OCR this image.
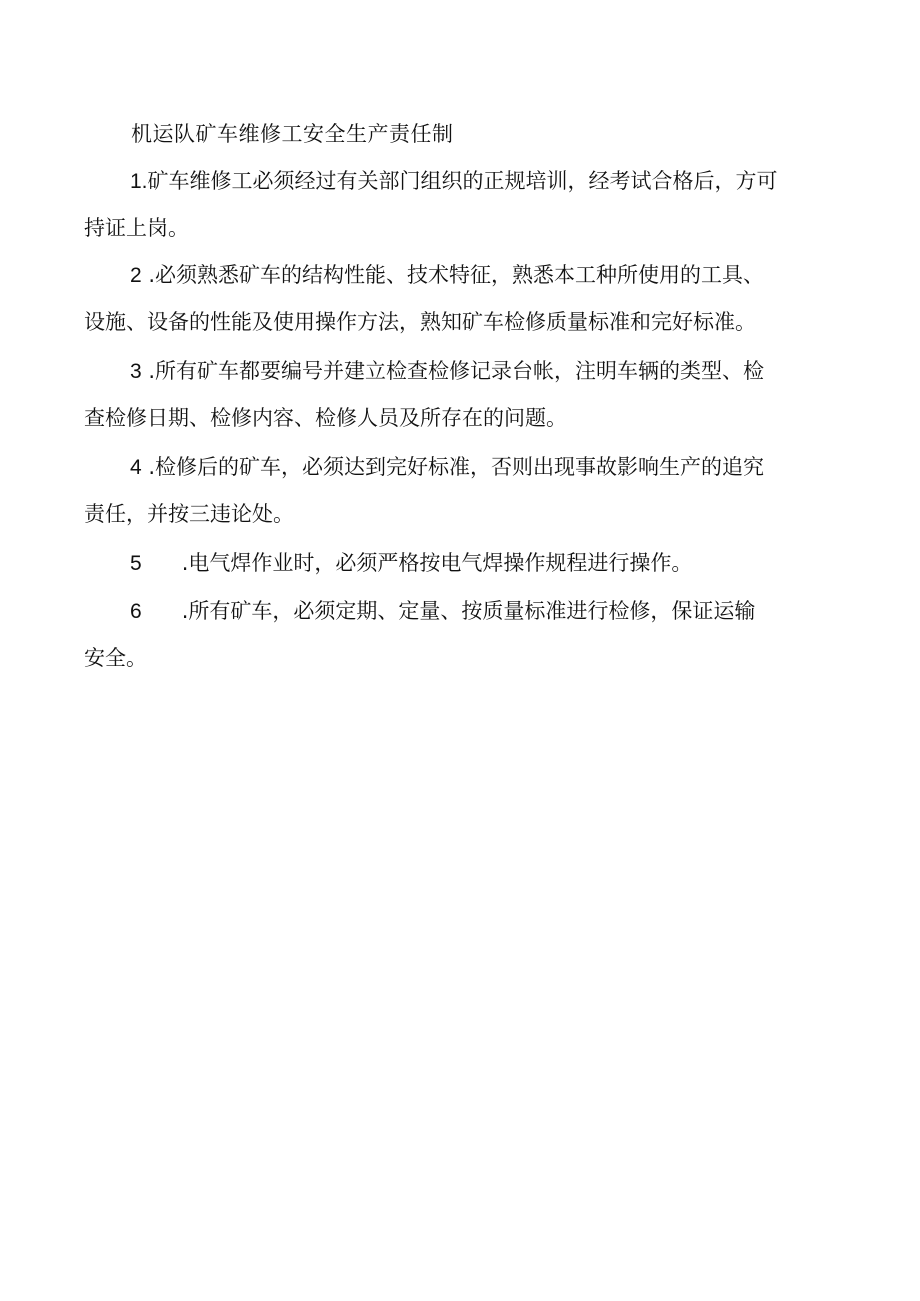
机运队矿车维修工安全生产责任制
1.矿车维修工必须经过有关部门组织的正规培训，经考试合格后，方可
持证上岗。
2 .必须熟悉矿车的结构性能、技术特征，熟悉本工种所使用的工具、
设施、设备的性能及使用操作方法，熟知矿车检修质量标准和完好标准。
3 .所有矿车都要编号并建立检查检修记录台帐，注明车辆的类型、检
查检修日期、检修内容、检修人员及所存在的问题。
4 .检修后的矿车，必须达到完好标准，否则出现事故影响生产的追究
责任，并按三违论处。
5 .电气焊作业时，必须严格按电气焊操作规程进行操作。
6 .所有矿车，必须定期、定量、按质量标准进行检修，保证运输
安全。
